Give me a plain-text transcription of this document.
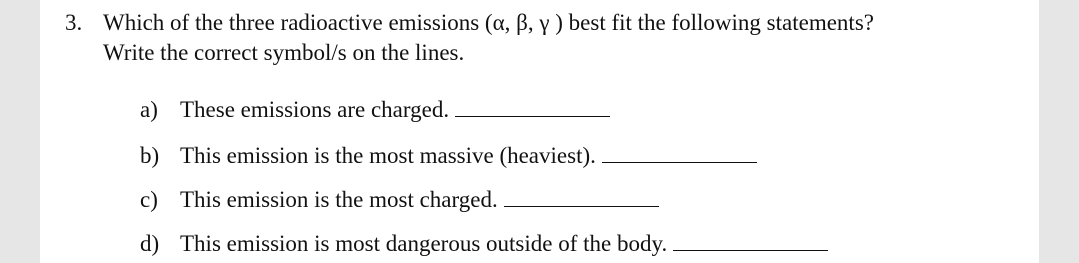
3. Which of the three radioactive emissions (α, β, γ ) best fit the following statements?
Write the correct symbol/s on the lines.
a) These emissions are charged.
b) This emission is the most massive (heaviest).
c) This emission is the most charged.
d) This emission is most dangerous outside of the body.
